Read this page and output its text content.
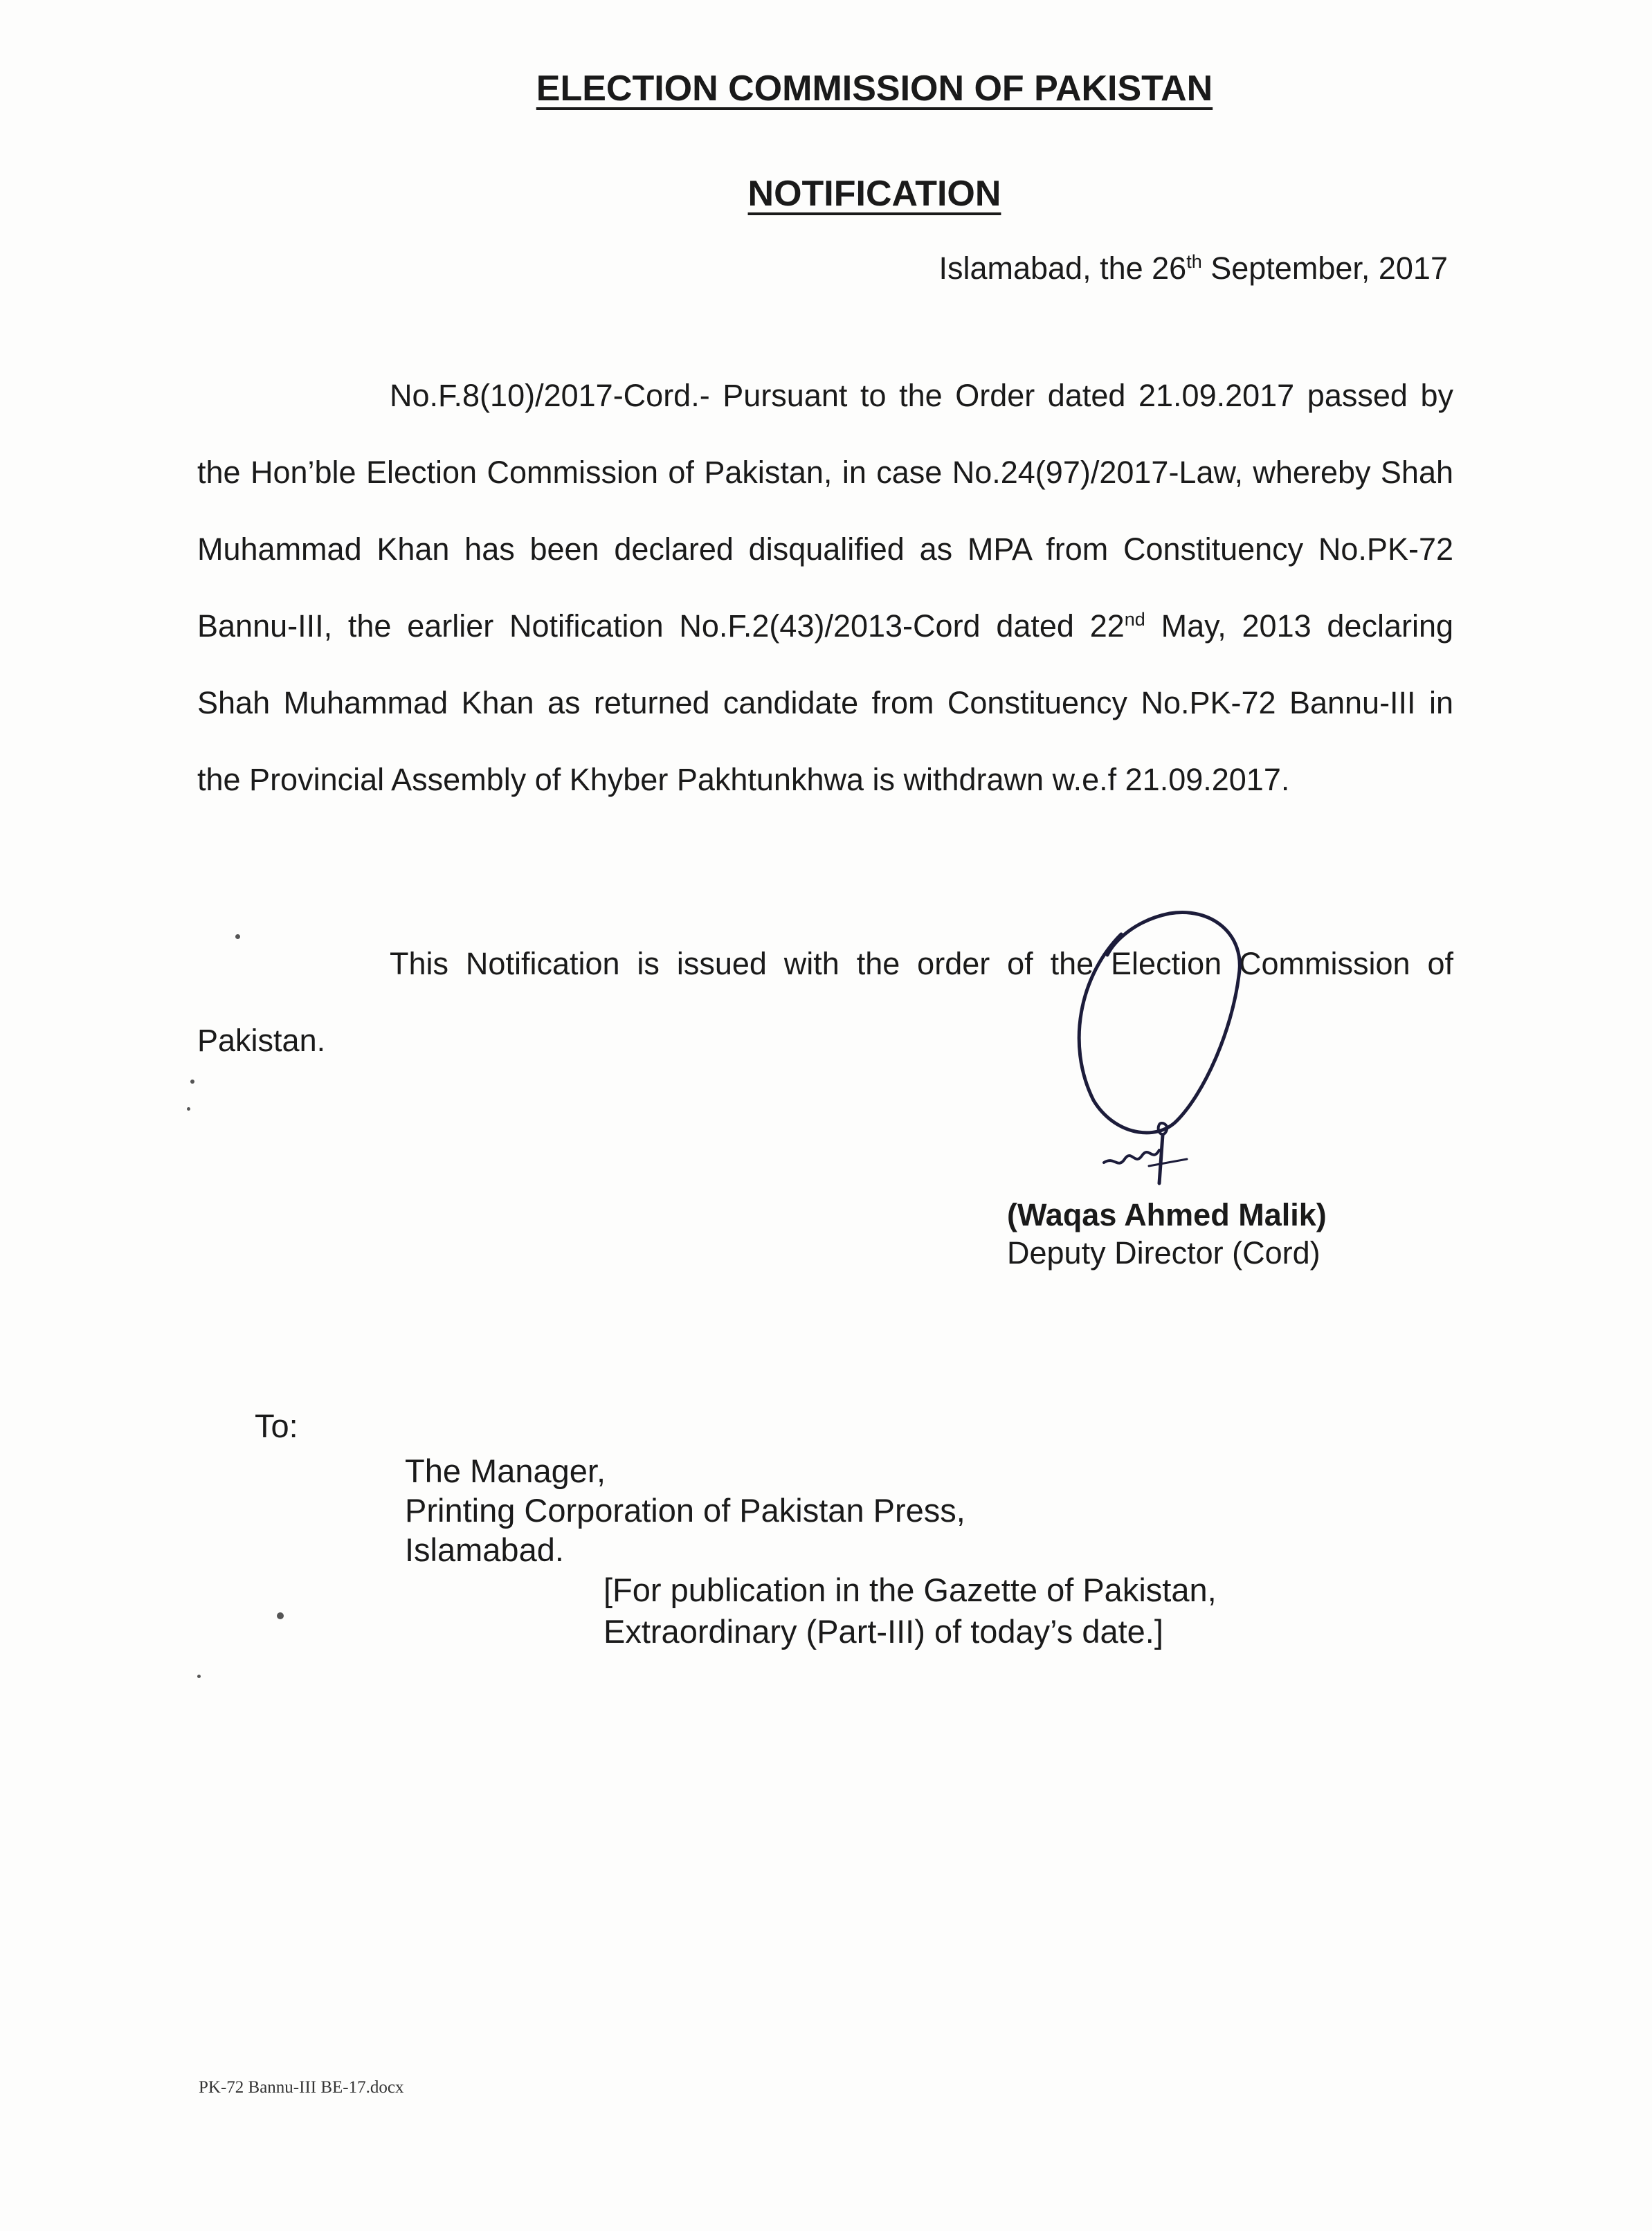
ELECTION COMMISSION OF PAKISTAN
NOTIFICATION
Islamabad, the 26th September, 2017
No.F.8(10)/2017-Cord.- Pursuant to the Order dated 21.09.2017 passed by the Hon’ble Election Commission of Pakistan, in case No.24(97)/2017-Law, whereby Shah Muhammad Khan has been declared disqualified as MPA from Constituency No.PK-72 Bannu-III, the earlier Notification No.F.2(43)/2013-Cord dated 22nd May, 2013 declaring Shah Muhammad Khan as returned candidate from Constituency No.PK-72 Bannu-III in the Provincial Assembly of Khyber Pakhtunkhwa is withdrawn w.e.f 21.09.2017.
This Notification is issued with the order of the Election Commission of Pakistan.
(Waqas Ahmed Malik)
Deputy Director (Cord)
To:
The Manager,
Printing Corporation of Pakistan Press,
Islamabad.
[For publication in the Gazette of Pakistan,
Extraordinary (Part-III) of today’s date.]
PK-72 Bannu-III BE-17.docx
